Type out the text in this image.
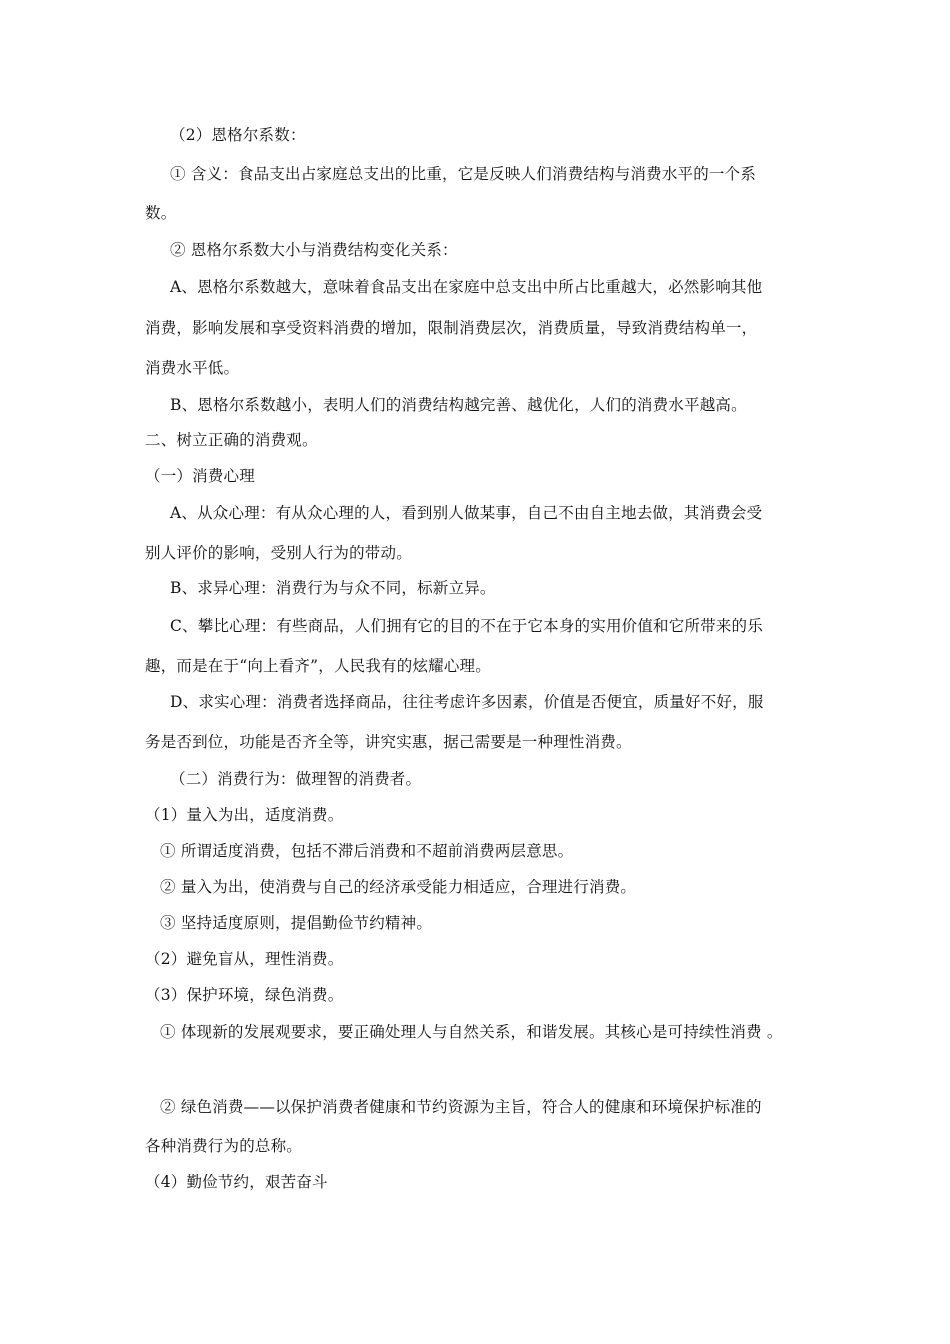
（2）恩格尔系数：
① 含义：食品支出占家庭总支出的比重，它是反映人们消费结构与消费水平的一个系
数。
② 恩格尔系数大小与消费结构变化关系：
A、恩格尔系数越大，意味着食品支出在家庭中总支出中所占比重越大，必然影响其他
消费，影响发展和享受资料消费的增加，限制消费层次，消费质量，导致消费结构单一，
消费水平低。
B、恩格尔系数越小，表明人们的消费结构越完善、越优化，人们的消费水平越高。
二、树立正确的消费观。
（一）消费心理
A、从众心理：有从众心理的人，看到别人做某事，自己不由自主地去做，其消费会受
别人评价的影响，受别人行为的带动。
B、求异心理：消费行为与众不同，标新立异。
C、攀比心理：有些商品，人们拥有它的目的不在于它本身的实用价值和它所带来的乐
趣，而是在于“向上看齐”，人民我有的炫耀心理。
D、求实心理：消费者选择商品，往往考虑许多因素，价值是否便宜，质量好不好，服
务是否到位，功能是否齐全等，讲究实惠，据己需要是一种理性消费。
（二）消费行为：做理智的消费者。
（1）量入为出，适度消费。
① 所谓适度消费，包括不滞后消费和不超前消费两层意思。
② 量入为出，使消费与自己的经济承受能力相适应，合理进行消费。
③ 坚持适度原则，提倡勤俭节约精神。
（2）避免盲从，理性消费。
（3）保护环境，绿色消费。
① 体现新的发展观要求，要正确处理人与自然关系，和谐发展。其核心是可持续性消费 。
② 绿色消费——以保护消费者健康和节约资源为主旨，符合人的健康和环境保护标准的
各种消费行为的总称。
（4）勤俭节约，艰苦奋斗
